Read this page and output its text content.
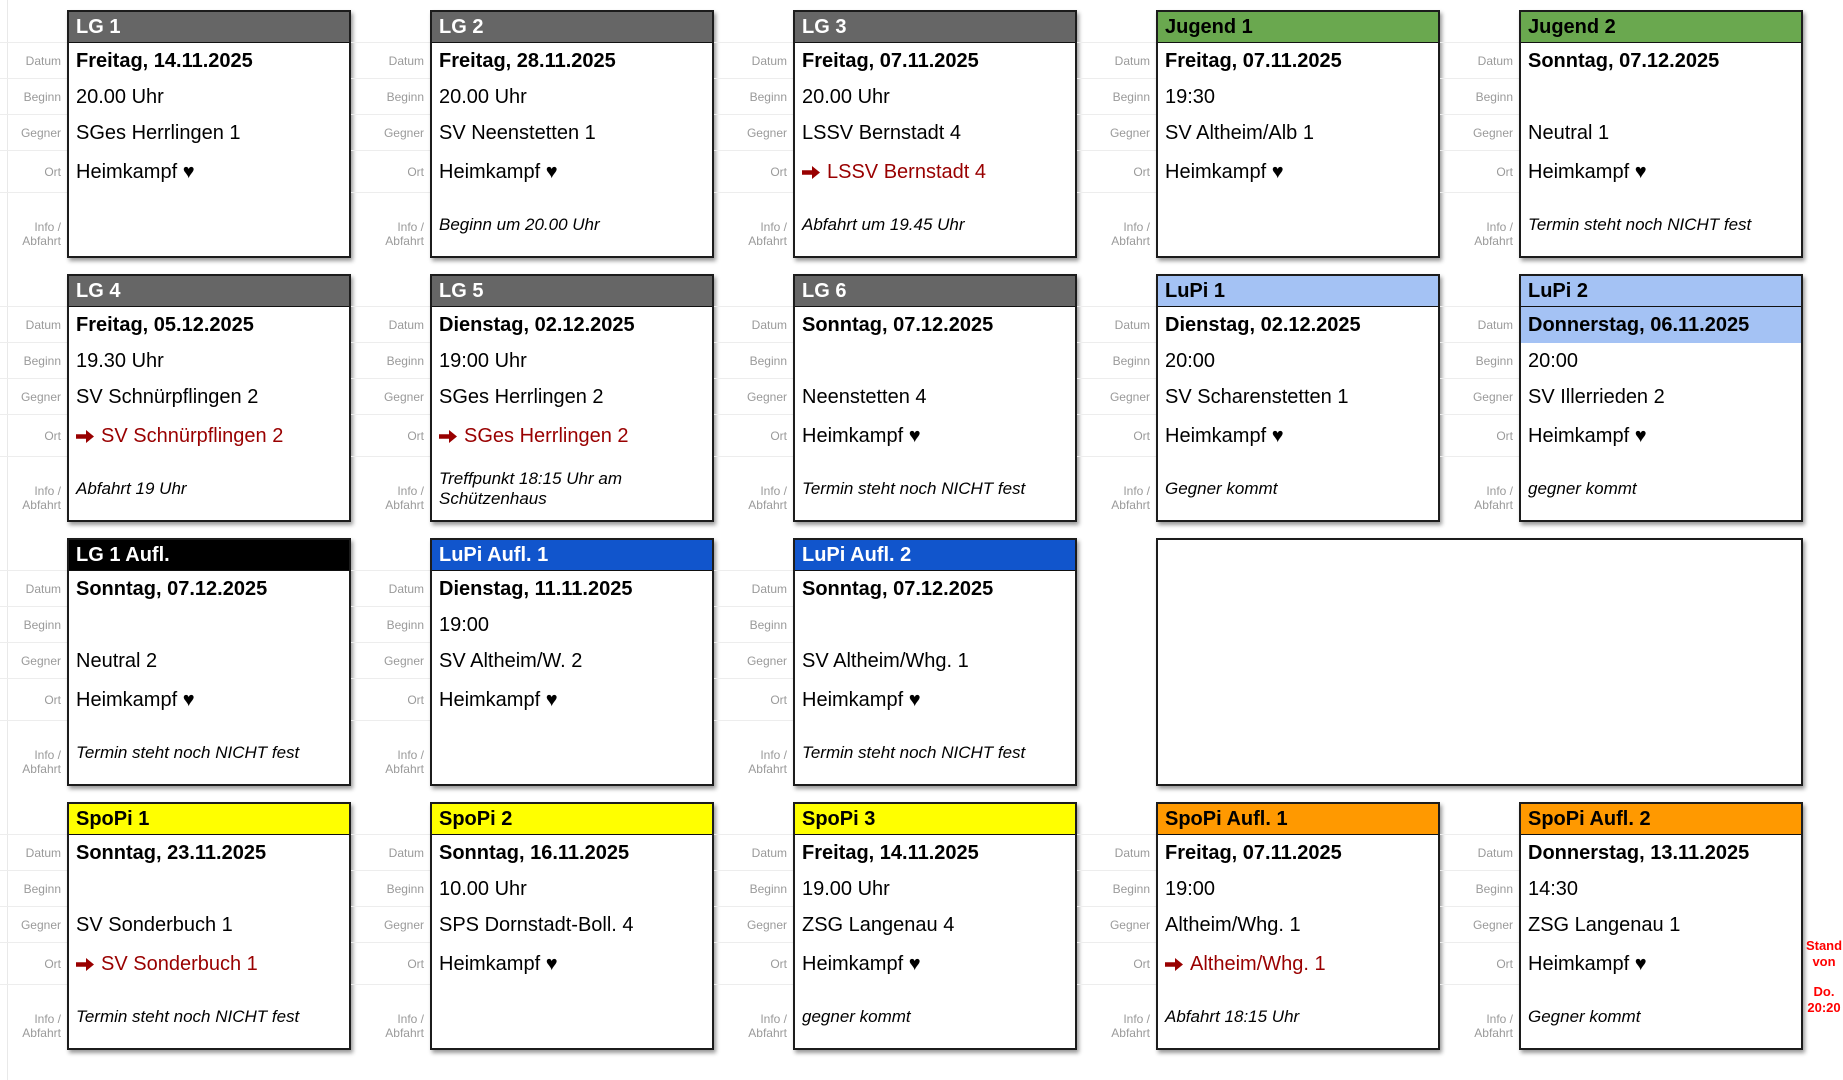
Datum
Beginn
Gegner
Ort
Info /
Abfahrt
LG 1
Freitag, 14.11.2025
20.00 Uhr
SGes Herrlingen 1
Heimkampf ♥
Datum
Beginn
Gegner
Ort
Info /
Abfahrt
LG 2
Freitag, 28.11.2025
20.00 Uhr
SV Neenstetten 1
Heimkampf ♥
Beginn um 20.00 Uhr
Datum
Beginn
Gegner
Ort
Info /
Abfahrt
LG 3
Freitag, 07.11.2025
20.00 Uhr
LSSV Bernstadt 4
LSSV Bernstadt 4
Abfahrt um 19.45 Uhr
Datum
Beginn
Gegner
Ort
Info /
Abfahrt
Jugend 1
Freitag, 07.11.2025
19:30
SV Altheim/Alb 1
Heimkampf ♥
Datum
Beginn
Gegner
Ort
Info /
Abfahrt
Jugend 2
Sonntag, 07.12.2025
Neutral 1
Heimkampf ♥
Termin steht noch NICHT fest
Datum
Beginn
Gegner
Ort
Info /
Abfahrt
LG 4
Freitag, 05.12.2025
19.30 Uhr
SV Schnürpflingen 2
SV Schnürpflingen 2
Abfahrt 19 Uhr
Datum
Beginn
Gegner
Ort
Info /
Abfahrt
LG 5
Dienstag, 02.12.2025
19:00 Uhr
SGes Herrlingen 2
SGes Herrlingen 2
Treffpunkt 18:15 Uhr am Schützenhaus
Datum
Beginn
Gegner
Ort
Info /
Abfahrt
LG 6
Sonntag, 07.12.2025
Neenstetten 4
Heimkampf ♥
Termin steht noch NICHT fest
Datum
Beginn
Gegner
Ort
Info /
Abfahrt
LuPi 1
Dienstag, 02.12.2025
20:00
SV Scharenstetten 1
Heimkampf ♥
Gegner kommt
Datum
Beginn
Gegner
Ort
Info /
Abfahrt
LuPi 2
Donnerstag, 06.11.2025
20:00
SV Illerrieden 2
Heimkampf ♥
gegner kommt
Datum
Beginn
Gegner
Ort
Info /
Abfahrt
LG 1 Aufl.
Sonntag, 07.12.2025
Neutral 2
Heimkampf ♥
Termin steht noch NICHT fest
Datum
Beginn
Gegner
Ort
Info /
Abfahrt
LuPi Aufl. 1
Dienstag, 11.11.2025
19:00
SV Altheim/W. 2
Heimkampf ♥
Datum
Beginn
Gegner
Ort
Info /
Abfahrt
LuPi Aufl. 2
Sonntag, 07.12.2025
SV Altheim/Whg. 1
Heimkampf ♥
Termin steht noch NICHT fest
Datum
Beginn
Gegner
Ort
Info /
Abfahrt
SpoPi 1
Sonntag, 23.11.2025
SV Sonderbuch 1
SV Sonderbuch 1
Termin steht noch NICHT fest
Datum
Beginn
Gegner
Ort
Info /
Abfahrt
SpoPi 2
Sonntag, 16.11.2025
10.00 Uhr
SPS Dornstadt-Boll. 4
Heimkampf ♥
Datum
Beginn
Gegner
Ort
Info /
Abfahrt
SpoPi 3
Freitag, 14.11.2025
19.00 Uhr
ZSG Langenau 4
Heimkampf ♥
gegner kommt
Datum
Beginn
Gegner
Ort
Info /
Abfahrt
SpoPi Aufl. 1
Freitag, 07.11.2025
19:00
Altheim/Whg. 1
Altheim/Whg. 1
Abfahrt 18:15 Uhr
Datum
Beginn
Gegner
Ort
Info /
Abfahrt
SpoPi Aufl. 2
Donnerstag, 13.11.2025
14:30
ZSG Langenau 1
Heimkampf ♥
Gegner kommt
Stand
von
Do.
20:20
